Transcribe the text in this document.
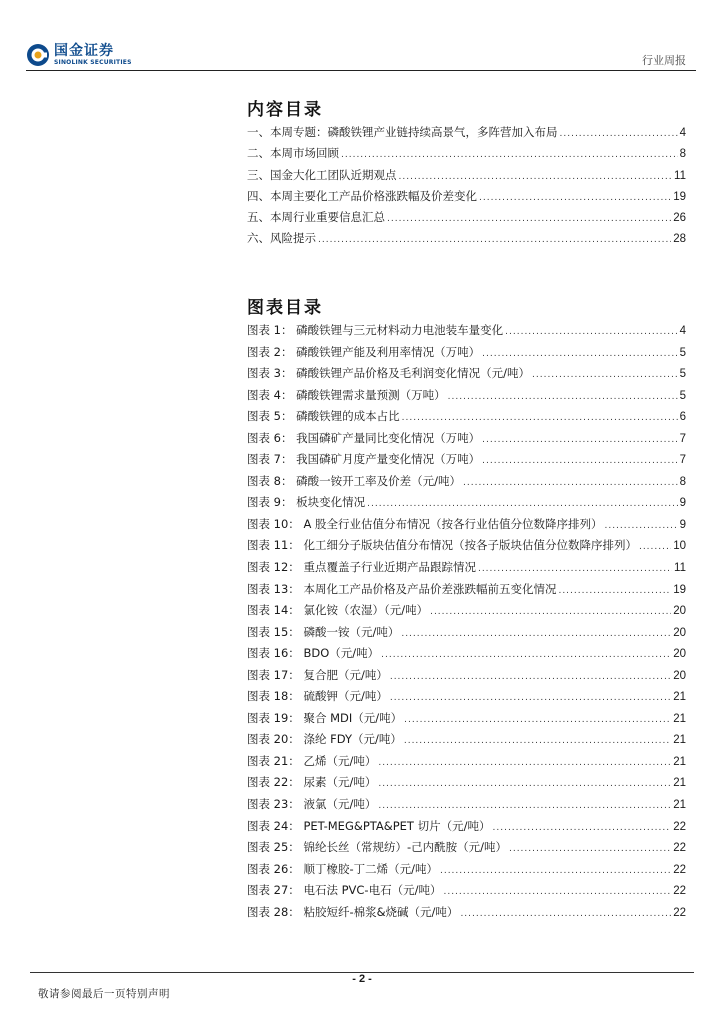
国金证券
SINOLINK SECURITIES	行业周报
内容目录
一、本周专题：磷酸铁锂产业链持续高景气，多阵营加入布局 .....	4
二、本周市场回顾 .....	8
三、国金大化工团队近期观点 .....	11
四、本周主要化工产品价格涨跌幅及价差变化 .....	19
五、本周行业重要信息汇总 .....	26
六、风险提示 .....	28
图表目录
图表 1： 磷酸铁锂与三元材料动力电池装车量变化 .....	4
图表 2： 磷酸铁锂产能及利用率情况（万吨） .....	5
图表 3： 磷酸铁锂产品价格及毛利润变化情况（元/吨） .....	5
图表 4： 磷酸铁锂需求量预测（万吨） .....	5
图表 5： 磷酸铁锂的成本占比 .....	6
图表 6： 我国磷矿产量同比变化情况（万吨） .....	7
图表 7： 我国磷矿月度产量变化情况（万吨） .....	7
图表 8： 磷酸一铵开工率及价差（元/吨） .....	8
图表 9： 板块变化情况 .....	9
图表 10： A 股全行业估值分布情况（按各行业估值分位数降序排列） .....	9
图表 11： 化工细分子版块估值分布情况（按各子版块估值分位数降序排列） .....	10
图表 12： 重点覆盖子行业近期产品跟踪情况 .....	11
图表 13： 本周化工产品价格及产品价差涨跌幅前五变化情况 .....	19
图表 14： 氯化铵（农湿）（元/吨） .....	20
图表 15： 磷酸一铵（元/吨） .....	20
图表 16： BDO（元/吨） .....	20
图表 17： 复合肥（元/吨） .....	20
图表 18： 硫酸钾（元/吨） .....	21
图表 19： 聚合 MDI（元/吨） .....	21
图表 20： 涤纶 FDY（元/吨） .....	21
图表 21： 乙烯（元/吨） .....	21
图表 22： 尿素（元/吨） .....	21
图表 23： 液氯（元/吨） .....	21
图表 24： PET-MEG&PTA&PET 切片（元/吨） .....	22
图表 25： 锦纶长丝（常规纺）-己内酰胺（元/吨） .....	22
图表 26： 顺丁橡胶-丁二烯（元/吨） .....	22
图表 27： 电石法 PVC-电石（元/吨） .....	22
图表 28： 粘胶短纤-棉浆&烧碱（元/吨） .....	22
- 2 -
敬请参阅最后一页特别声明
